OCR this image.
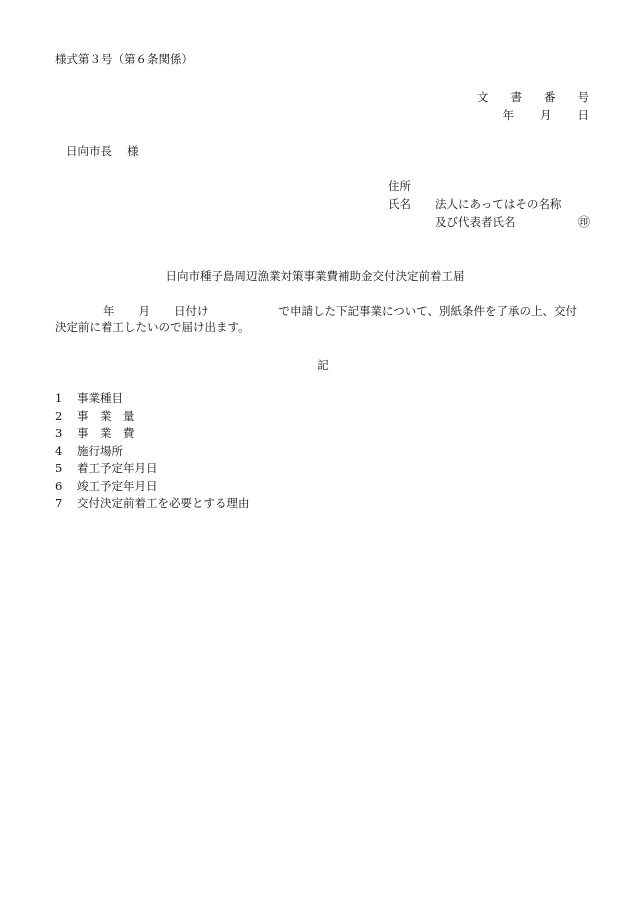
様式第３号（第６条関係）
文 書 番 号
年 月 日
日向市長　 様
住所
氏名 法人にあってはその名称
及び代表者氏名	㊞
日向市種子島周辺漁業対策事業費補助金交付決定前着工届
年 月 日付け	で申請した下記事業について、別紙条件を了承の上、交付
決定前に着工したいので届け出ます。
記
1 事業種目
2 事　業　量
3 事　業　費
4 施行場所
5 着工予定年月日
6 竣工予定年月日
7 交付決定前着工を必要とする理由
